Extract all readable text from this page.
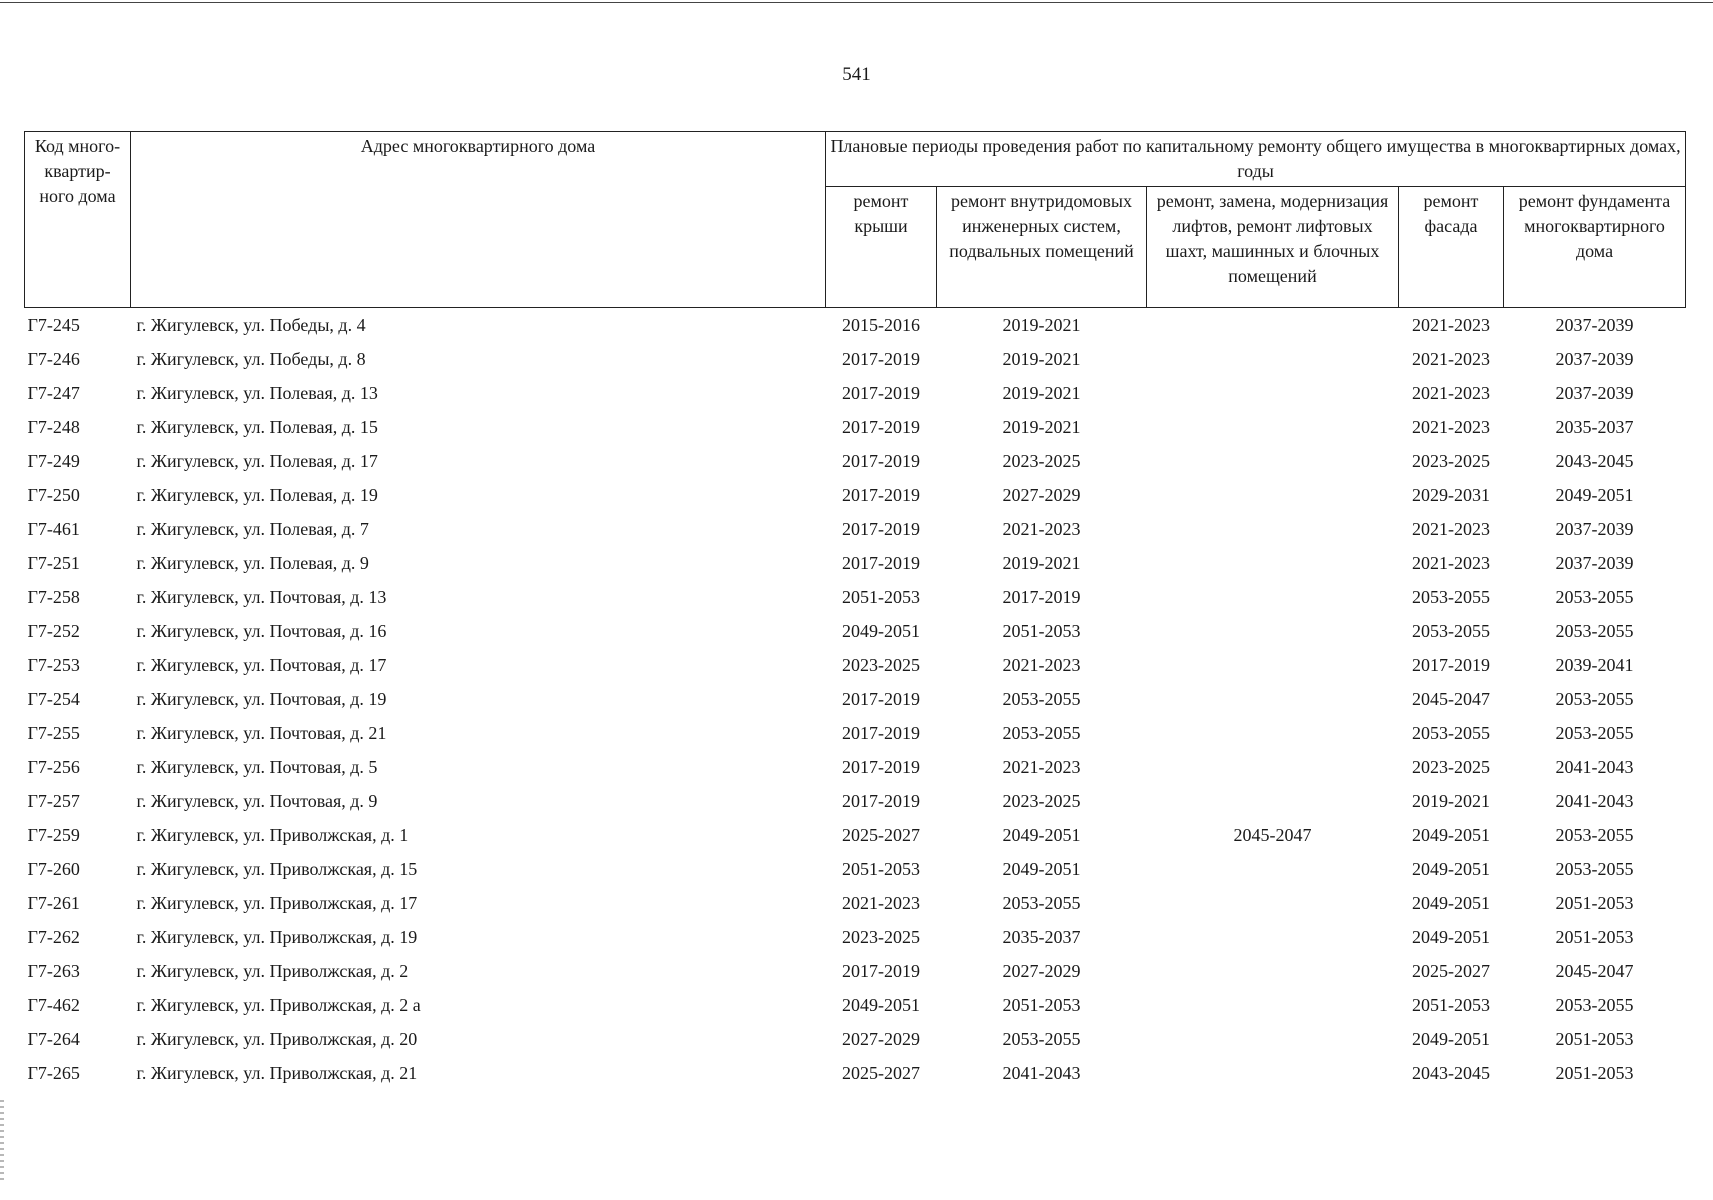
541
Код много-квартир-ного дома	Адрес многоквартирного дома	Плановые периоды проведения работ по капитальному ремонту общего имущества в многоквартирных домах, годы				
		ремонт крыши	ремонт внутридомовых инженерных систем, подвальных помещений	ремонт, замена, модернизация лифтов, ремонт лифтовых шахт, машинных и блочных помещений	ремонт фасада	ремонт фундамента многоквартирного дома
Г7-245	г. Жигулевск, ул. Победы, д. 4	2015-2016	2019-2021		2021-2023	2037-2039
Г7-246	г. Жигулевск, ул. Победы, д. 8	2017-2019	2019-2021		2021-2023	2037-2039
Г7-247	г. Жигулевск, ул. Полевая, д. 13	2017-2019	2019-2021		2021-2023	2037-2039
Г7-248	г. Жигулевск, ул. Полевая, д. 15	2017-2019	2019-2021		2021-2023	2035-2037
Г7-249	г. Жигулевск, ул. Полевая, д. 17	2017-2019	2023-2025		2023-2025	2043-2045
Г7-250	г. Жигулевск, ул. Полевая, д. 19	2017-2019	2027-2029		2029-2031	2049-2051
Г7-461	г. Жигулевск, ул. Полевая, д. 7	2017-2019	2021-2023		2021-2023	2037-2039
Г7-251	г. Жигулевск, ул. Полевая, д. 9	2017-2019	2019-2021		2021-2023	2037-2039
Г7-258	г. Жигулевск, ул. Почтовая, д. 13	2051-2053	2017-2019		2053-2055	2053-2055
Г7-252	г. Жигулевск, ул. Почтовая, д. 16	2049-2051	2051-2053		2053-2055	2053-2055
Г7-253	г. Жигулевск, ул. Почтовая, д. 17	2023-2025	2021-2023		2017-2019	2039-2041
Г7-254	г. Жигулевск, ул. Почтовая, д. 19	2017-2019	2053-2055		2045-2047	2053-2055
Г7-255	г. Жигулевск, ул. Почтовая, д. 21	2017-2019	2053-2055		2053-2055	2053-2055
Г7-256	г. Жигулевск, ул. Почтовая, д. 5	2017-2019	2021-2023		2023-2025	2041-2043
Г7-257	г. Жигулевск, ул. Почтовая, д. 9	2017-2019	2023-2025		2019-2021	2041-2043
Г7-259	г. Жигулевск, ул. Приволжская, д. 1	2025-2027	2049-2051	2045-2047	2049-2051	2053-2055
Г7-260	г. Жигулевск, ул. Приволжская, д. 15	2051-2053	2049-2051		2049-2051	2053-2055
Г7-261	г. Жигулевск, ул. Приволжская, д. 17	2021-2023	2053-2055		2049-2051	2051-2053
Г7-262	г. Жигулевск, ул. Приволжская, д. 19	2023-2025	2035-2037		2049-2051	2051-2053
Г7-263	г. Жигулевск, ул. Приволжская, д. 2	2017-2019	2027-2029		2025-2027	2045-2047
Г7-462	г. Жигулевск, ул. Приволжская, д. 2 а	2049-2051	2051-2053		2051-2053	2053-2055
Г7-264	г. Жигулевск, ул. Приволжская, д. 20	2027-2029	2053-2055		2049-2051	2051-2053
Г7-265	г. Жигулевск, ул. Приволжская, д. 21	2025-2027	2041-2043		2043-2045	2051-2053
